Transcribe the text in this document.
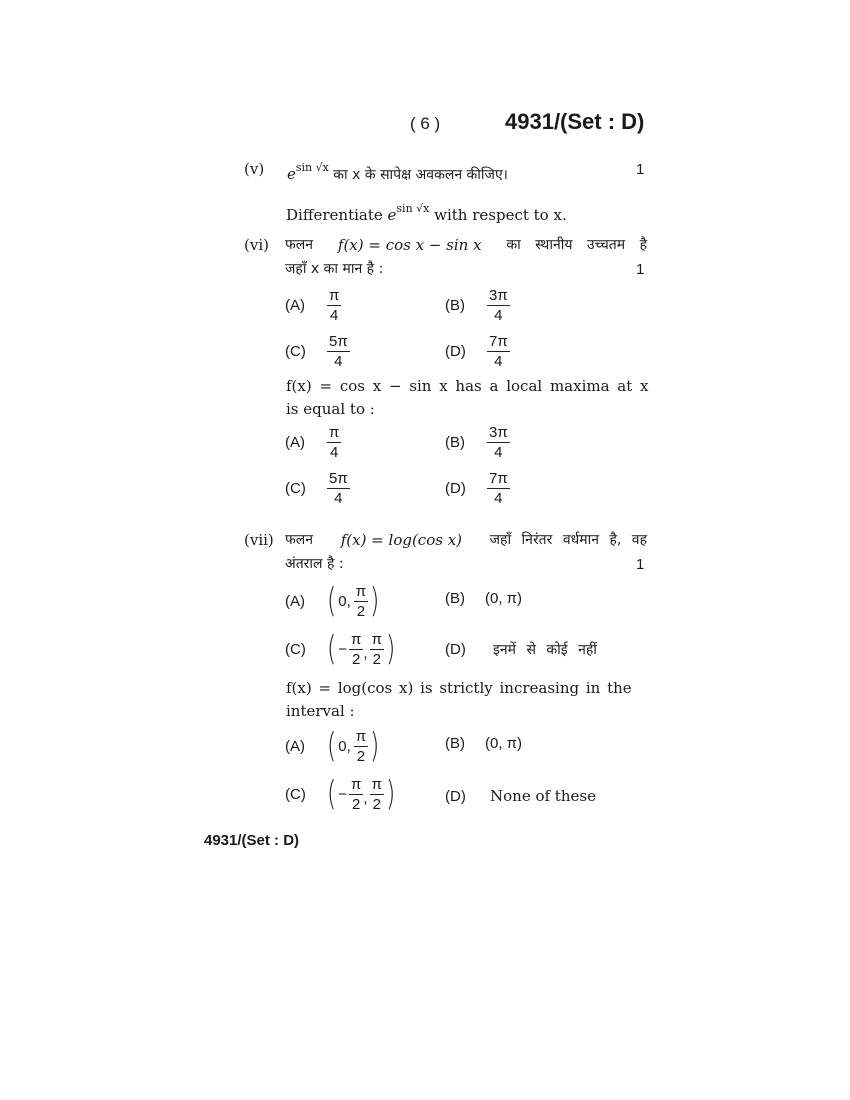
( 6 )	4931/(Set : D)
(v) $e^{sin √x}$ का x के सापेक्ष अवकलन कीजिए।	1
Differentiate $e^{sin √x}$ with respect to x.
(vi) फलन f(x) = cos x − sin x का स्थानीय उच्चतम है
जहाँ x का मान है :	1
(A)	$\frac{\pi}{4}$	(B)	$\frac{3\pi}{4}$
(C)	$\frac{5\pi}{4}$	(D)	$\frac{7\pi}{4}$
f(x) = cos x − sin x has a local maxima at x
is equal to :
(A)	$\frac{\pi}{4}$	(B)	$\frac{3\pi}{4}$
(C)	$\frac{5\pi}{4}$	(D)	$\frac{7\pi}{4}$
(vii) फलन f(x) = log(cos x) जहाँ निरंतर वर्धमान है, वह
अंतराल है :	1
(A) ( 0, $\frac{\pi}{2}$ )	(B)	(0, π)
(C) ( − $\frac{\pi}{2}$ , $\frac{\pi}{2}$ )	(D)	इनमें से कोई नहीं
f(x) = log(cos x) is strictly increasing in the
interval :
(A) ( 0, $\frac{\pi}{2}$ )	(B)	(0, π)
(C) ( − $\frac{\pi}{2}$ , $\frac{\pi}{2}$ )	(D)	None of these
4931/(Set : D)
